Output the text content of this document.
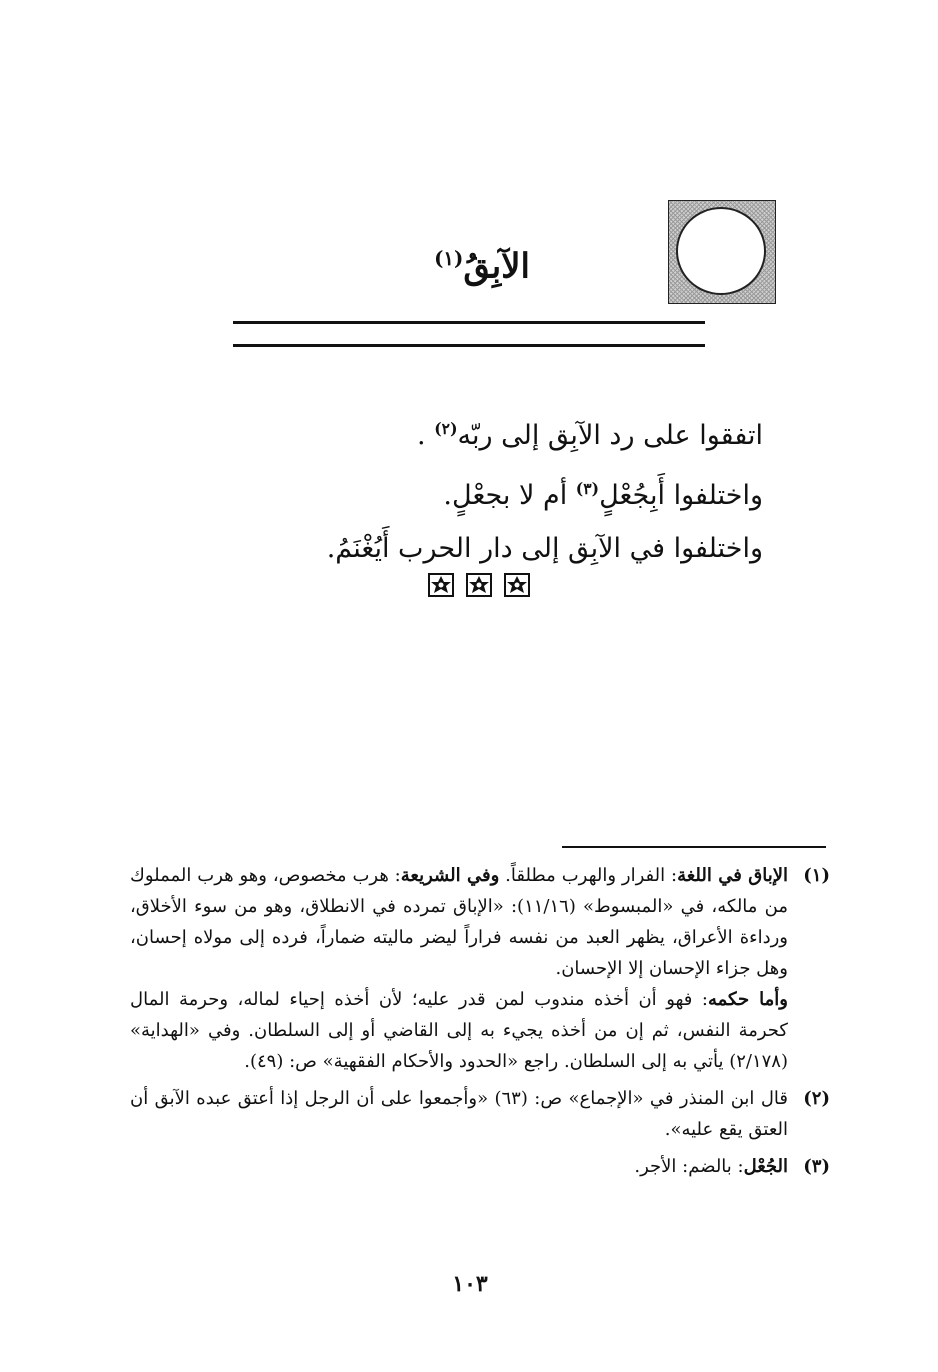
الآبِقُ$^{(١)}$
اتفقوا على رد الآبِق إلى ربّه$^{(٢)}$ .
واختلفوا أَبِجُعْلٍ$^{(٣)}$ أم لا بجعْلٍ.
واختلفوا في الآبِق إلى دار الحرب أَيُغْنَمُ.
(١)
الإباق في اللغة: الفرار والهرب مطلقاً. وفي الشريعة: هرب مخصوص، وهو هرب المملوك من مالكه، في «المبسوط» (١١/١٦): «الإباق تمرده في الانطلاق، وهو من سوء الأخلاق، ورداءة الأعراق، يظهر العبد من نفسه فراراً ليضر ماليته ضماراً، فرده إلى مولاه إحسان، وهل جزاء الإحسان إلا الإحسان.
وأما حكمه: فهو أن أخذه مندوب لمن قدر عليه؛ لأن أخذه إحياء لماله، وحرمة المال كحرمة النفس، ثم إن من أخذه يجيء به إلى القاضي أو إلى السلطان. وفي «الهداية» (٢/١٧٨) يأتي به إلى السلطان. راجع «الحدود والأحكام الفقهية» ص: (٤٩).
(٢)
قال ابن المنذر في «الإجماع» ص: (٦٣) «وأجمعوا على أن الرجل إذا أعتق عبده الآبق أن العتق يقع عليه».
(٣)
الجُعْل: بالضم: الأجر.
١٠٣
